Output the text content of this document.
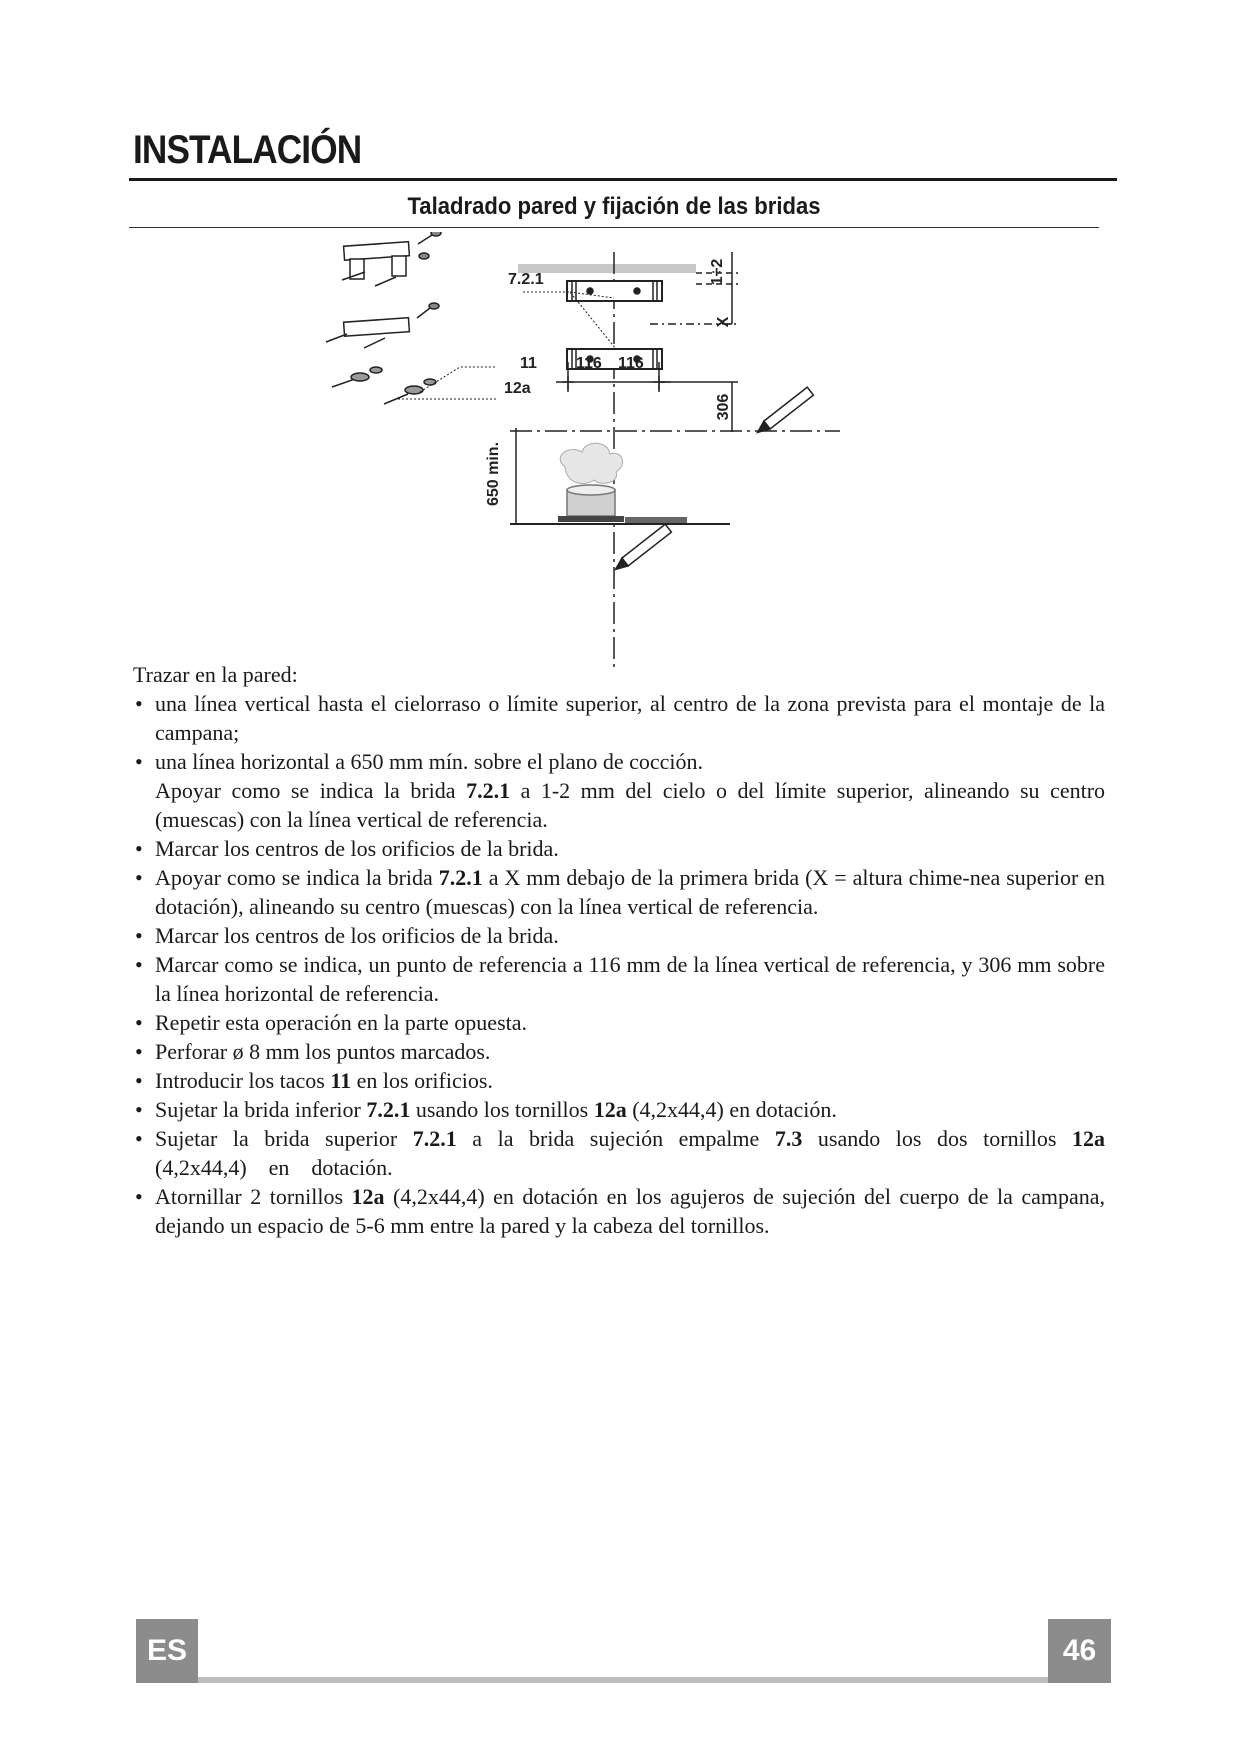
INSTALACIÓN
Taladrado pared y fijación de las bridas
1÷2
X
7.2.1
11
12a
116 116
306
650 min.

Trazar en la pared:

• una línea vertical hasta el cielorraso o límite superior, al centro de la zona prevista para el montaje de la campana;
• una línea horizontal a 650 mm mín. sobre el plano de cocción.
Apoyar como se indica la brida 7.2.1 a 1-2 mm del cielo o del límite superior, alineando su centro (muescas) con la línea vertical de referencia.
• Marcar los centros de los orificios de la brida.
• Apoyar como se indica la brida 7.2.1 a X mm debajo de la primera brida (X = altura chime-nea superior en dotación), alineando su centro (muescas) con la línea vertical de referencia.
• Marcar los centros de los orificios de la brida.
• Marcar como se indica, un punto de referencia a 116 mm de la línea vertical de referencia, y 306 mm sobre la línea horizontal de referencia.
• Repetir esta operación en la parte opuesta.
• Perforar ø 8 mm los puntos marcados.
• Introducir los tacos 11 en los orificios.
• Sujetar la brida inferior 7.2.1 usando los tornillos 12a (4,2x44,4) en dotación.
• Sujetar la brida superior 7.2.1 a la brida sujeción empalme 7.3 usando los dos tornillos 12a (4,2x44,4)    en    dotación.
• Atornillar 2 tornillos 12a (4,2x44,4) en dotación en los agujeros de sujeción del cuerpo de la campana, dejando un espacio de 5-6 mm entre la pared y la cabeza del tornillos.
ES	46
